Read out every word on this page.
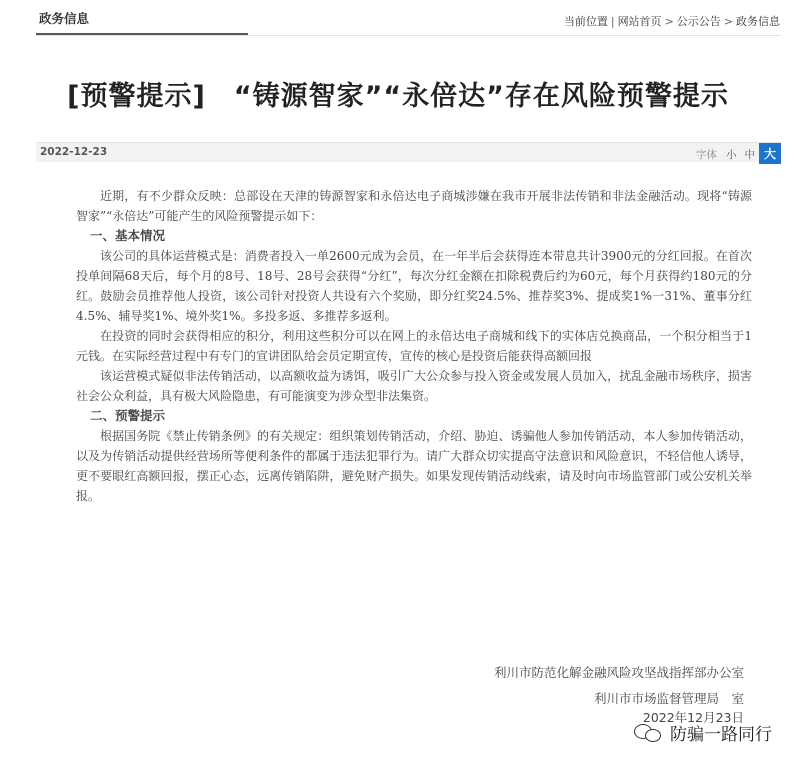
政务信息	当前位置 | 网站首页 > 公示公告 > 政务信息
[预警提示]　“铸源智家”“永倍达”存在风险预警提示
2022-12-23	字体 小 中 大

近期，有不少群众反映：总部设在天津的铸源智家和永倍达电子商城涉嫌在我市开展非法传销和非法金融活动。现将“铸源智家”“永倍达”可能产生的风险预警提示如下：

一、基本情况

该公司的具体运营模式是：消费者投入一单2600元成为会员，在一年半后会获得连本带息共计3900元的分红回报。在首次投单间隔68天后，每个月的8号、18号、28号会获得“分红”，每次分红金额在扣除税费后约为60元，每个月获得约180元的分红。鼓励会员推荐他人投资，该公司针对投资人共设有六个奖励，即分红奖24.5%、推荐奖3%、提成奖1%一31%、董事分红4.5%、辅导奖1%、境外奖1%。多投多返、多推荐多返利。

在投资的同时会获得相应的积分，利用这些积分可以在网上的永倍达电子商城和线下的实体店兑换商品，一个积分相当于1元钱。在实际经营过程中有专门的宣讲团队给会员定期宣传，宣传的核心是投资后能获得高额回报

该运营模式疑似非法传销活动，以高额收益为诱饵，吸引广大公众参与投入资金或发展人员加入，扰乱金融市场秩序，损害社会公众利益，具有极大风险隐患，有可能演变为涉众型非法集资。

二、预警提示

根据国务院《禁止传销条例》的有关规定：组织策划传销活动，介绍、胁迫、诱骗他人参加传销活动，本人参加传销活动，以及为传销活动提供经营场所等便利条件的都属于违法犯罪行为。请广大群众切实提高守法意识和风险意识，不轻信他人诱导，更不要眼红高额回报，摆正心态，远离传销陷阱，避免财产损失。如果发现传销活动线索，请及时向市场监管部门或公安机关举报。

利川市防范化解金融风险攻坚战指挥部办公室
利川市市场监督管理局　室
2022年12月23日
防骗一路同行
